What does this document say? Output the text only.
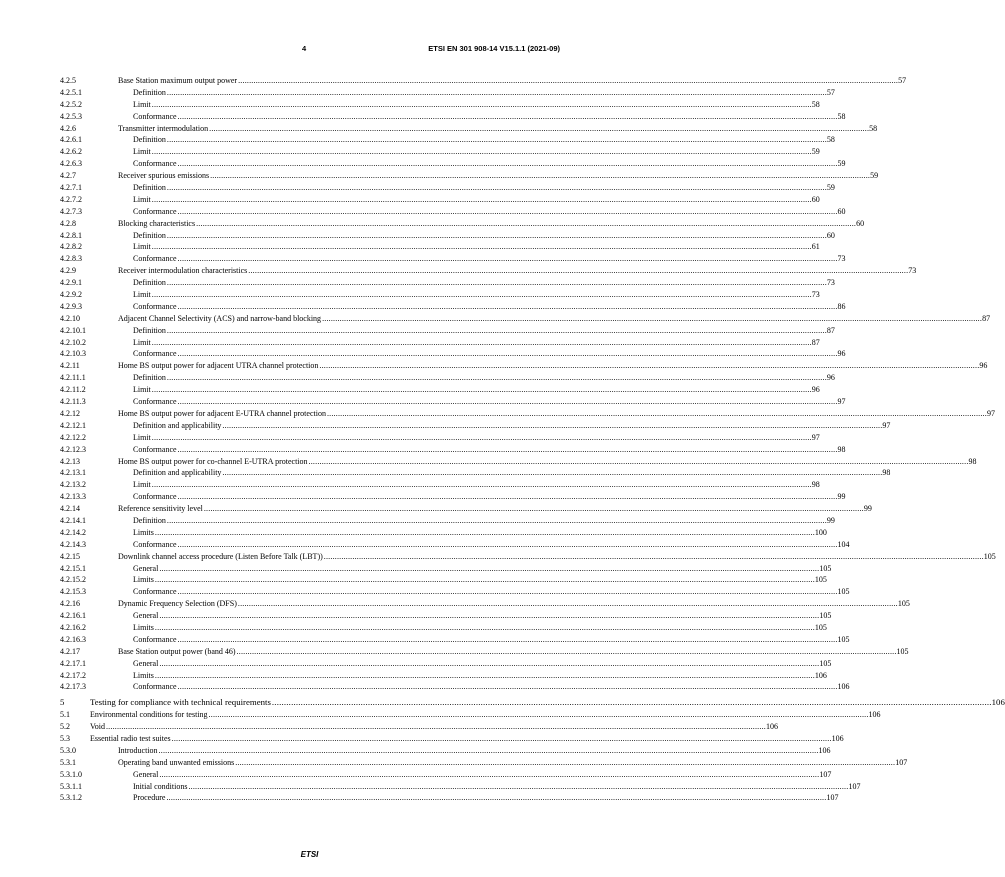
4	ETSI EN 301 908-14 V15.1.1 (2021-09)
4.2.5	Base Station maximum output power ............................................................................................................................................................................................................................................................................................................ 57
4.2.5.1	Definition ............................................................................................................................................................................................................................................................................................................ 57
4.2.5.2	Limit ............................................................................................................................................................................................................................................................................................................ 58
4.2.5.3	Conformance ............................................................................................................................................................................................................................................................................................................ 58
4.2.6	Transmitter intermodulation ............................................................................................................................................................................................................................................................................................................ 58
4.2.6.1	Definition ............................................................................................................................................................................................................................................................................................................ 58
4.2.6.2	Limit ............................................................................................................................................................................................................................................................................................................ 59
4.2.6.3	Conformance ............................................................................................................................................................................................................................................................................................................ 59
4.2.7	Receiver spurious emissions ............................................................................................................................................................................................................................................................................................................ 59
4.2.7.1	Definition ............................................................................................................................................................................................................................................................................................................ 59
4.2.7.2	Limit ............................................................................................................................................................................................................................................................................................................ 60
4.2.7.3	Conformance ............................................................................................................................................................................................................................................................................................................ 60
4.2.8	Blocking characteristics ............................................................................................................................................................................................................................................................................................................ 60
4.2.8.1	Definition ............................................................................................................................................................................................................................................................................................................ 60
4.2.8.2	Limit ............................................................................................................................................................................................................................................................................................................ 61
4.2.8.3	Conformance ............................................................................................................................................................................................................................................................................................................ 73
4.2.9	Receiver intermodulation characteristics ............................................................................................................................................................................................................................................................................................................ 73
4.2.9.1	Definition ............................................................................................................................................................................................................................................................................................................ 73
4.2.9.2	Limit ............................................................................................................................................................................................................................................................................................................ 73
4.2.9.3	Conformance ............................................................................................................................................................................................................................................................................................................ 86
4.2.10	Adjacent Channel Selectivity (ACS) and narrow-band blocking ............................................................................................................................................................................................................................................................................................................ 87
4.2.10.1	Definition ............................................................................................................................................................................................................................................................................................................ 87
4.2.10.2	Limit ............................................................................................................................................................................................................................................................................................................ 87
4.2.10.3	Conformance ............................................................................................................................................................................................................................................................................................................ 96
4.2.11	Home BS output power for adjacent UTRA channel protection ............................................................................................................................................................................................................................................................................................................ 96
4.2.11.1	Definition ............................................................................................................................................................................................................................................................................................................ 96
4.2.11.2	Limit ............................................................................................................................................................................................................................................................................................................ 96
4.2.11.3	Conformance ............................................................................................................................................................................................................................................................................................................ 97
4.2.12	Home BS output power for adjacent E-UTRA channel protection ............................................................................................................................................................................................................................................................................................................ 97
4.2.12.1	Definition and applicability ............................................................................................................................................................................................................................................................................................................ 97
4.2.12.2	Limit ............................................................................................................................................................................................................................................................................................................ 97
4.2.12.3	Conformance ............................................................................................................................................................................................................................................................................................................ 98
4.2.13	Home BS output power for co-channel E-UTRA protection ............................................................................................................................................................................................................................................................................................................ 98
4.2.13.1	Definition and applicability ............................................................................................................................................................................................................................................................................................................ 98
4.2.13.2	Limit ............................................................................................................................................................................................................................................................................................................ 98
4.2.13.3	Conformance ............................................................................................................................................................................................................................................................................................................ 99
4.2.14	Reference sensitivity level ............................................................................................................................................................................................................................................................................................................ 99
4.2.14.1	Definition ............................................................................................................................................................................................................................................................................................................ 99
4.2.14.2	Limits ............................................................................................................................................................................................................................................................................................................ 100
4.2.14.3	Conformance ............................................................................................................................................................................................................................................................................................................ 104
4.2.15	Downlink channel access procedure (Listen Before Talk (LBT)) ............................................................................................................................................................................................................................................................................................................ 105
4.2.15.1	General ............................................................................................................................................................................................................................................................................................................ 105
4.2.15.2	Limits ............................................................................................................................................................................................................................................................................................................ 105
4.2.15.3	Conformance ............................................................................................................................................................................................................................................................................................................ 105
4.2.16	Dynamic Frequency Selection (DFS) ............................................................................................................................................................................................................................................................................................................ 105
4.2.16.1	General ............................................................................................................................................................................................................................................................................................................ 105
4.2.16.2	Limits ............................................................................................................................................................................................................................................................................................................ 105
4.2.16.3	Conformance ............................................................................................................................................................................................................................................................................................................ 105
4.2.17	Base Station output power (band 46) ............................................................................................................................................................................................................................................................................................................ 105
4.2.17.1	General ............................................................................................................................................................................................................................................................................................................ 105
4.2.17.2	Limits ............................................................................................................................................................................................................................................................................................................ 106
4.2.17.3	Conformance ............................................................................................................................................................................................................................................................................................................ 106
5	Testing for compliance with technical requirements ............................................................................................................................................................................................................................................................................................................ 106
5.1	Environmental conditions for testing ............................................................................................................................................................................................................................................................................................................ 106
5.2	Void ............................................................................................................................................................................................................................................................................................................ 106
5.3	Essential radio test suites ............................................................................................................................................................................................................................................................................................................ 106
5.3.0	Introduction ............................................................................................................................................................................................................................................................................................................ 106
5.3.1	Operating band unwanted emissions ............................................................................................................................................................................................................................................................................................................ 107
5.3.1.0	General ............................................................................................................................................................................................................................................................................................................ 107
5.3.1.1	Initial conditions ............................................................................................................................................................................................................................................................................................................ 107
5.3.1.2	Procedure ............................................................................................................................................................................................................................................................................................................ 107
ETSI
